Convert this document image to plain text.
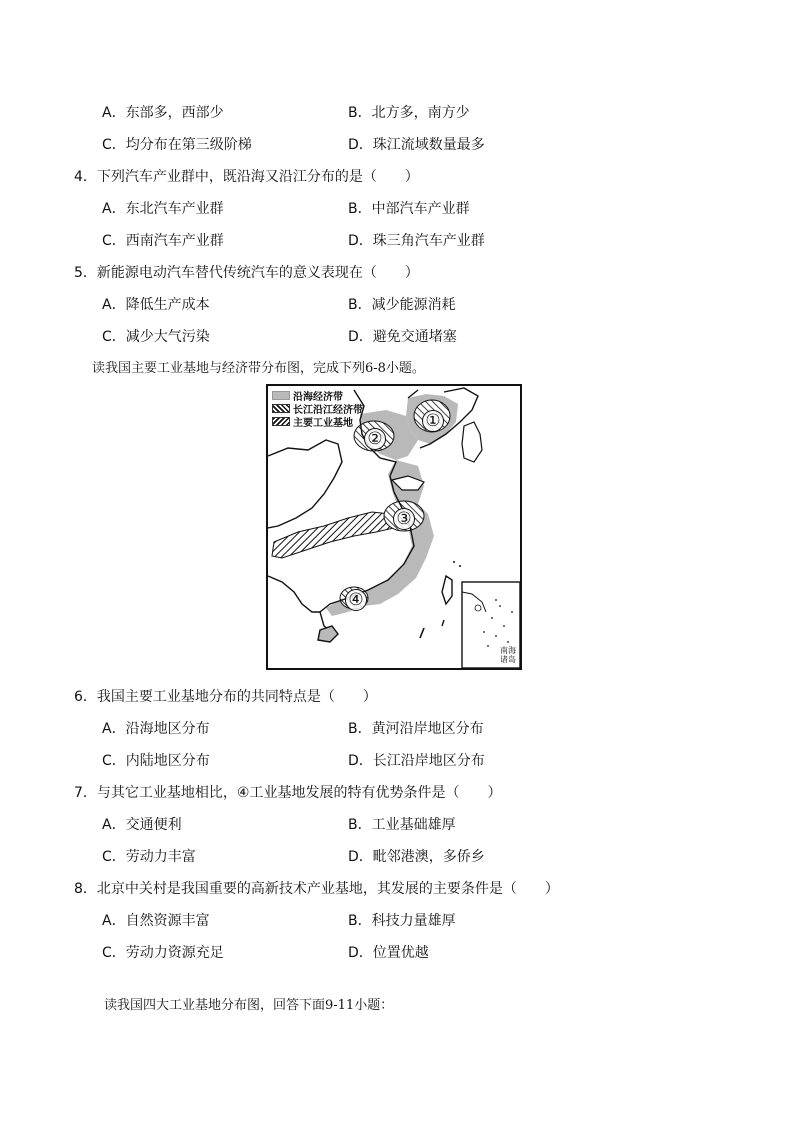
A．东部多，西部少	B．北方多，南方少
C．均分布在第三级阶梯	D．珠江流域数量最多
4．下列汽车产业群中，既沿海又沿江分布的是（　　）
A．东北汽车产业群	B．中部汽车产业群
C．西南汽车产业群	D．珠三角汽车产业群
5．新能源电动汽车替代传统汽车的意义表现在（　　）
A．降低生产成本	B．减少能源消耗
C．减少大气污染	D．避免交通堵塞
读我国主要工业基地与经济带分布图，完成下列6-8小题。
沿海经济带
长江沿江经济带
主要工业基地	①
②
③
④
南海诸岛
6．我国主要工业基地分布的共同特点是（　　）
A．沿海地区分布	B．黄河沿岸地区分布
C．内陆地区分布	D．长江沿岸地区分布
7．与其它工业基地相比，④工业基地发展的特有优势条件是（　　）
A．交通便利	B．工业基础雄厚
C．劳动力丰富	D．毗邻港澳，多侨乡
8．北京中关村是我国重要的高新技术产业基地，其发展的主要条件是（　　）
A．自然资源丰富	B．科技力量雄厚
C．劳动力资源充足	D．位置优越
读我国四大工业基地分布图，回答下面9-11小题：
